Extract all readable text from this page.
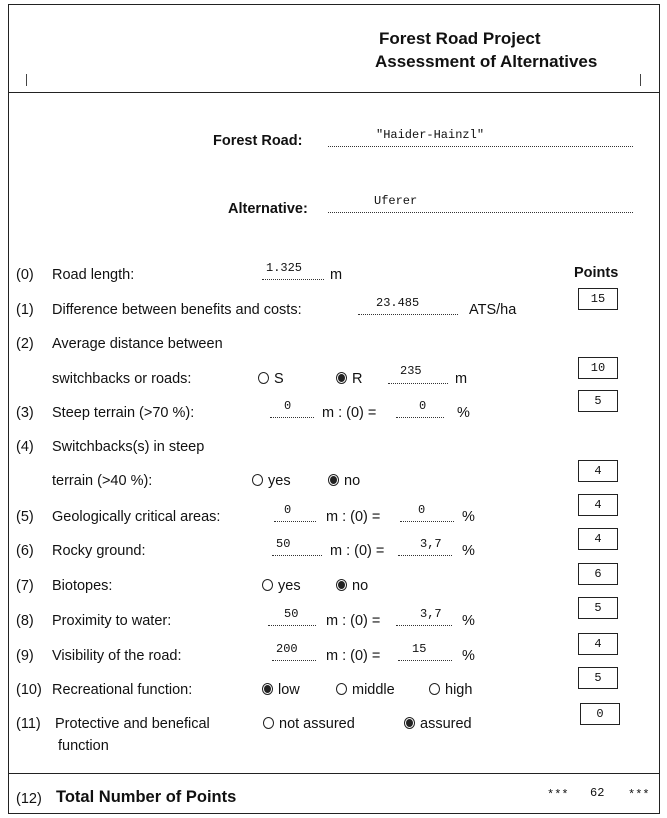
Forest Road Project
Assessment of Alternatives
Forest Road:	"Haider-Hainzl"
Alternative:	Uferer
Points
(0) Road length:	1.325 m
(1) Difference between benefits and costs:	23.485	ATS/ha
15
(2) Average distance between
switchbacks or roads:	S	R	235 m
10
(3) Steep terrain (>70 %):	0 m : (0) =	0 %
5
(4) Switchbacks(s) in steep
terrain (>40 %):	yes	no
4
(5) Geologically critical areas:	0 m : (0) =	0	%
4
(6) Rocky ground:	50	m : (0) =	3,7 %
4
(7) Biotopes:	yes	no
6
(8) Proximity to water:	50 m : (0) =	3,7 %
5
(9) Visibility of the road:	200 m : (0) =	15 %
4
(10) Recreational function:	low	middle	high
5
(11) Protective and benefical
function
not assured	assured
0
(12) Total Number of Points	*** 62 ***
